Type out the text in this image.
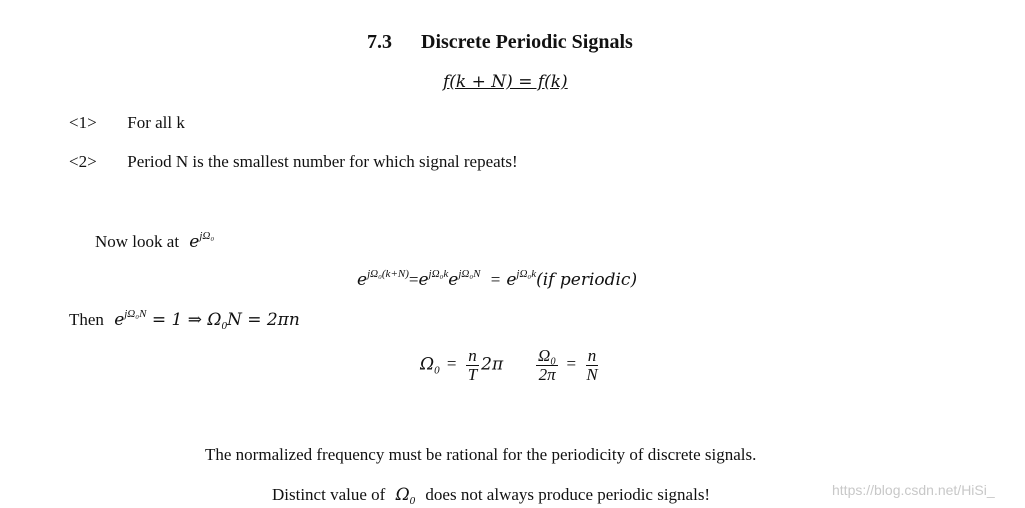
7.3 Discrete Periodic Signals
f(k + N) = f(k)
<1> For all k
<2> Period N is the smallest number for which signal repeats!
Now look at $e^{j\Omega_0}$
$e^{j\Omega_0(k+N)}=e^{j\Omega_0k}e^{j\Omega_0N} = e^{j\Omega_0k}(if$ periodic)
Then $e^{j\Omega_0N} = 1$ ⇒ $\Omega_0N = 2\pi n$
$\Omega_0 = \frac{n}{T} 2\pi \frac{\text{Ω₀}}{2\pi} = \frac{n}{N}$
The normalized frequency must be rational for the periodicity of discrete signals.
Distinct value of $\Omega_0$ does not always produce periodic signals!	https://blog.csdn.net/HiSi_
